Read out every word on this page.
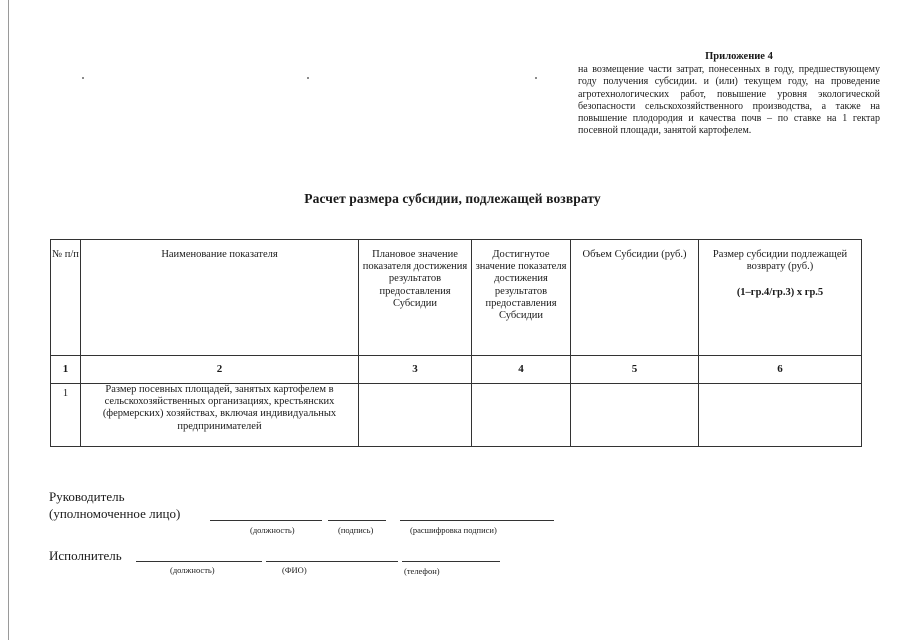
Приложение 4
на возмещение части затрат, понесенных в году, предшествующему году получения субсидии. и (или) текущем году, на проведение агротехнологических работ, повышение уровня экологической безопасности сельскохозяйственного производства, а также на повышение плодородия и качества почв – по ставке на 1 гектар посевной площади, занятой картофелем.
Расчет размера субсидии, подлежащей возврату
№ п/п	Наименование показателя	Плановое значение показателя достижения результатов предоставления Субсидии	Достигнутое значение показателя достижения результатов предоставления Субсидии	Объем Субсидии (руб.)	Размер субсидии подлежащей возврату (руб.)
(1–гр.4/гр.3) х гр.5

1	2	3	4	5	6
1	Размер посевных площадей, занятых картофелем в сельскохозяйственных организациях, крестьянских (фермерских) хозяйствах, включая индивидуальных предпринимателей				
Руководитель
(уполномоченное лицо)
(должность)	(подпись)	(расшифровка подписи)
Исполнитель
(должность)	(ФИО)	(телефон)
